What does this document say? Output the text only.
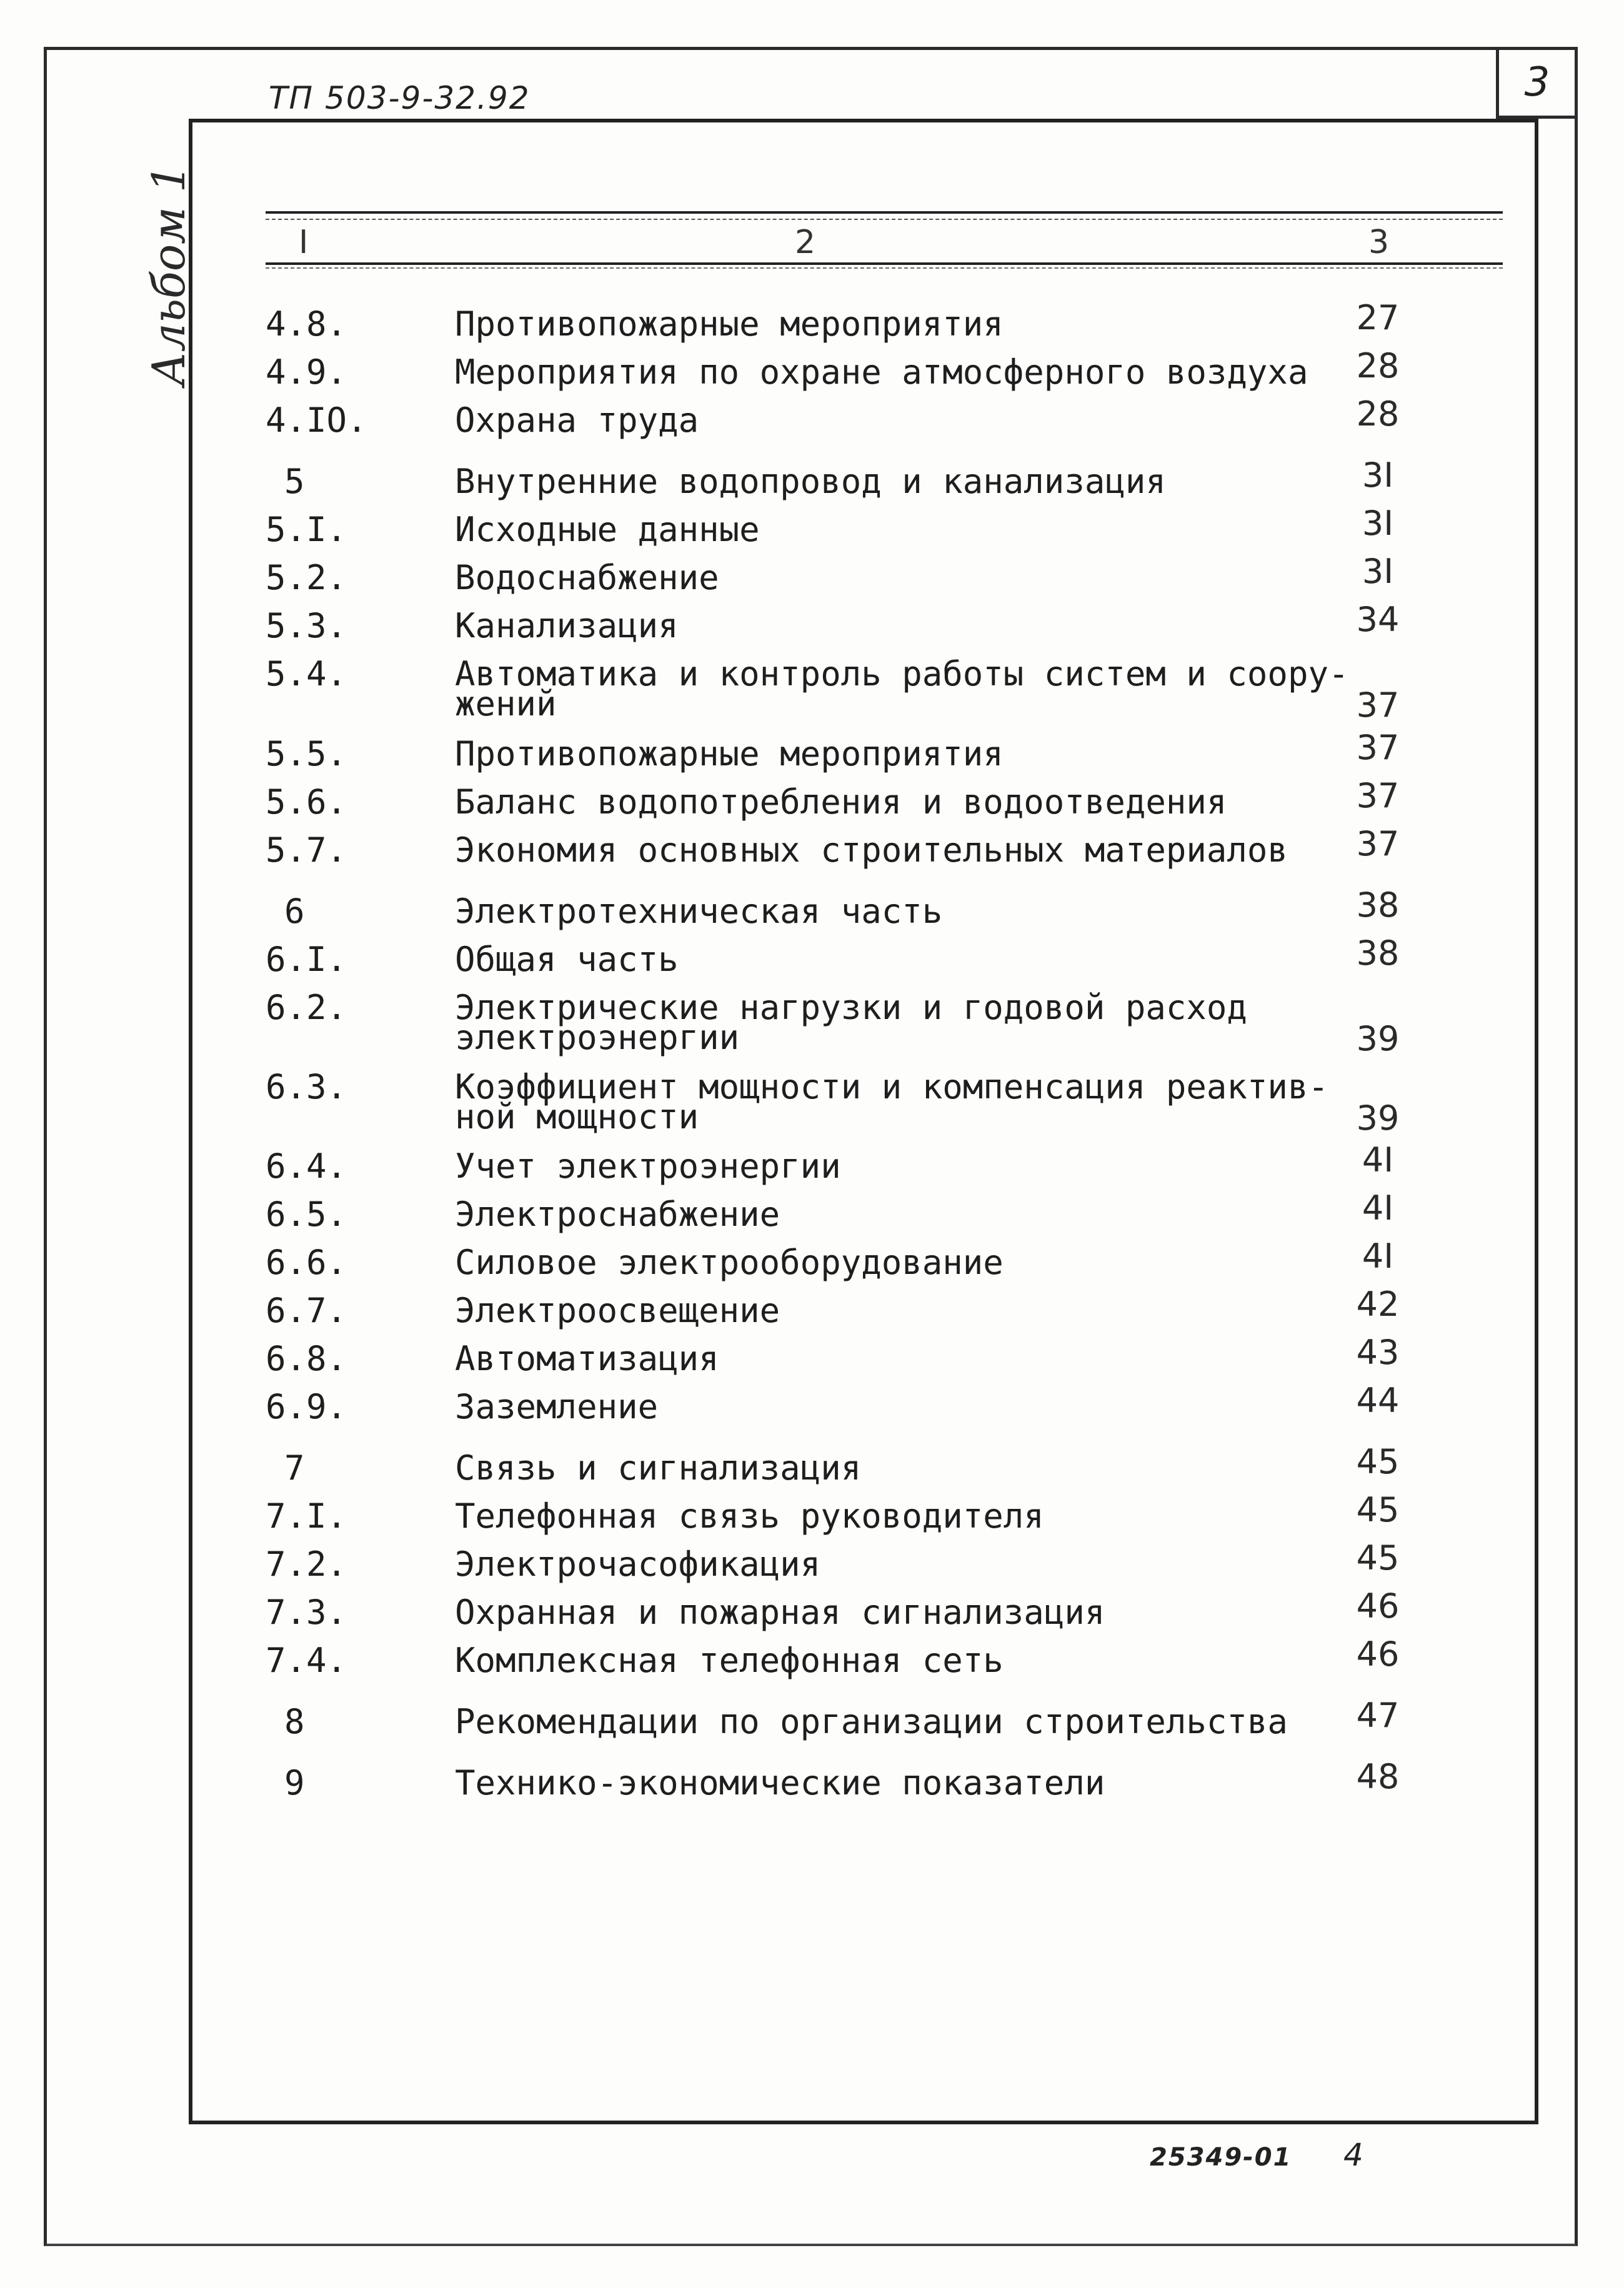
3
ТП 503-9-32.92
Альбом 1	I	2	3
4.8.	Противопожарные мероприятия	27
4.9.	Мероприятия по охране атмосферного воздуха	28
4.IO.	Охрана труда	28
5	Внутренние водопровод и канализация	3I
5.I.	Исходные данные	3I
5.2.	Водоснабжение	3I
5.3.	Канализация	34
5.4.	Автоматика и контроль работы систем и соору-
жений	37
5.5.	Противопожарные мероприятия	37
5.6.	Баланс водопотребления и водоотведения	37
5.7.	Экономия основных строительных материалов	37
6	Электротехническая часть	38
6.I.	Общая часть	38
6.2.	Электрические нагрузки и годовой расход
электроэнергии	39
6.3.	Коэффициент мощности и компенсация реактив-
ной мощности	39
6.4.	Учет электроэнергии	4I
6.5.	Электроснабжение	4I
6.6.	Силовое электрооборудование	4I
6.7.	Электроосвещение	42
6.8.	Автоматизация	43
6.9.	Заземление	44
7	Связь и сигнализация	45
7.I.	Телефонная связь руководителя	45
7.2.	Электрочасофикация	45
7.3.	Охранная и пожарная сигнализация	46
7.4.	Комплексная телефонная сеть	46
8	Рекомендации по организации строительства	47
9	Технико-экономические показатели	48
25349-01 4
